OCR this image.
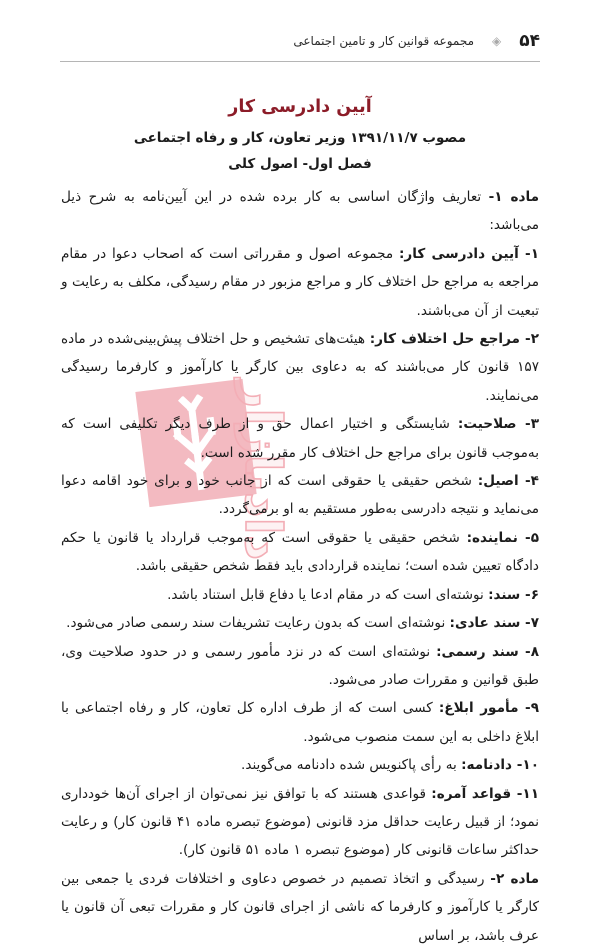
دادبازار
۵۴
◈
مجموعه قوانین کار و تامین اجتماعی
آیین دادرسی کار

مصوب ۱۳۹۱/۱۱/۷ وزیر تعاون، کار و رفاه اجتماعی

فصل اول- اصول کلی

ماده ۱- تعاریف واژگان اساسی به کار برده شده در این آیین‌نامه به شرح ذیل می‌باشد:

۱- آیین دادرسی کار: مجموعه اصول و مقرراتی است که اصحاب دعوا در مقام مراجعه به مراجع حل اختلاف کار و مراجع مزبور در مقام رسیدگی، مکلف به رعایت و تبعیت از آن می‌باشند.

۲- مراجع حل اختلاف کار: هیئت‌های تشخیص و حل اختلاف پیش‌بینی‌شده در ماده ۱۵۷ قانون کار می‌باشند که به دعاوی بین کارگر یا کارآموز و کارفرما رسیدگی می‌نمایند.

۳- صلاحیت: شایستگی و اختیار اعمال حق و از طرف دیگر تکلیفی است که به‌موجب قانون برای مراجع حل اختلاف کار مقرر شده است.

۴- اصیل: شخص حقیقی یا حقوقی است که از جانب خود و برای خود اقامه دعوا می‌نماید و نتیجه دادرسی به‌طور مستقیم به او برمی‌گردد.

۵- نماینده: شخص حقیقی یا حقوقی است که به‌موجب قرارداد یا قانون یا حکم دادگاه تعیین شده است؛ نماینده قراردادی باید فقط شخص حقیقی باشد.

۶- سند: نوشته‌ای است که در مقام ادعا یا دفاع قابل استناد باشد.

۷- سند عادی: نوشته‌ای است که بدون رعایت تشریفات سند رسمی صادر می‌شود.

۸- سند رسمی: نوشته‌ای است که در نزد مأمور رسمی و در حدود صلاحیت وی، طبق قوانین و مقررات صادر می‌شود.

۹- مأمور ابلاغ: کسی است که از طرف اداره کل تعاون، کار و رفاه اجتماعی با ابلاغ داخلی به این سمت منصوب می‌شود.

۱۰- دادنامه: به رأی پاکنویس شده دادنامه می‌گویند.

۱۱- قواعد آمره: قواعدی هستند که با توافق نیز نمی‌توان از اجرای آن‌ها خودداری نمود؛ از قبیل رعایت حداقل مزد قانونی (موضوع تبصره ماده ۴۱ قانون کار) و رعایت حداکثر ساعات قانونی کار (موضوع تبصره ۱ ماده ۵۱ قانون کار).

ماده ۲- رسیدگی و اتخاذ تصمیم در خصوص دعاوی و اختلافات فردی یا جمعی بین کارگر یا کارآموز و کارفرما که ناشی از اجرای قانون کار و مقررات تبعی آن قانون یا عرف باشد، بر اساس
